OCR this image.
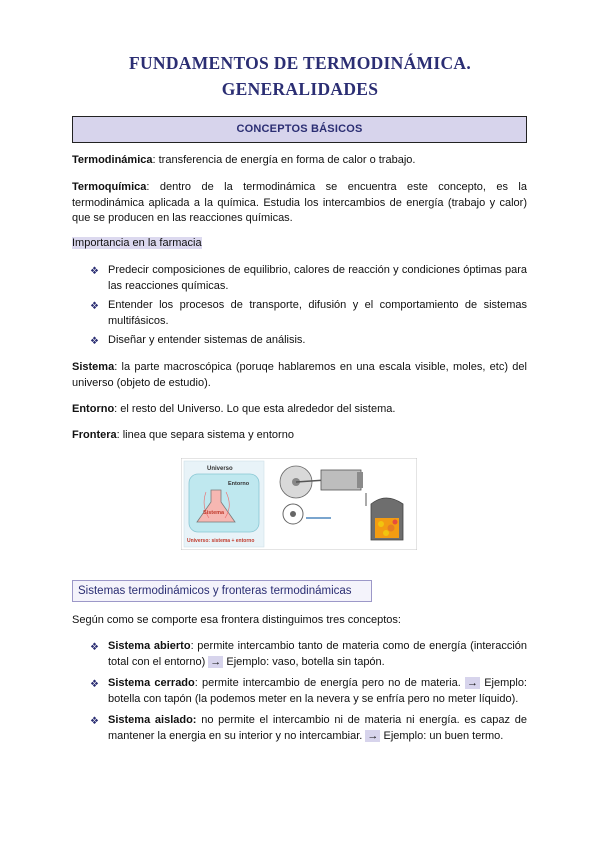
FUNDAMENTOS DE TERMODINÁMICA.
GENERALIDADES
CONCEPTOS BÁSICOS
Termodinámica: transferencia de energía en forma de calor o trabajo.
Termoquímica: dentro de la termodinámica se encuentra este concepto, es la termodinámica aplicada a la química. Estudia los intercambios de energía (trabajo y calor) que se producen en las reacciones químicas.
Importancia en la farmacia
❖ Predecir composiciones de equilibrio, calores de reacción y condiciones óptimas para las reacciones químicas.
❖ Entender los procesos de transporte, difusión y el comportamiento de sistemas multifásicos.
❖ Diseñar y entender sistemas de análisis.
Sistema: la parte macroscópica (poruqe hablaremos en una escala visible, moles, etc) del universo (objeto de estudio).
Entorno: el resto del Universo. Lo que esta alrededor del sistema.
Frontera: linea que separa sistema y entorno
Universo
Entorno
Sistema
Universo: sistema + entorno
Sistemas termodinámicos y fronteras termodinámicas
Según como se comporte esa frontera distinguimos tres conceptos:
❖ Sistema abierto: permite intercambio tanto de materia como de energía (interacción total con el entorno) → Ejemplo: vaso, botella sin tapón.
❖ Sistema cerrado: permite intercambio de energía pero no de materia. → Ejemplo: botella con tapón (la podemos meter en la nevera y se enfría pero no meter líquido).
❖ Sistema aislado: no permite el intercambio ni de materia ni energía. es capaz de mantener la energia en su interior y no intercambiar. → Ejemplo: un buen termo.
